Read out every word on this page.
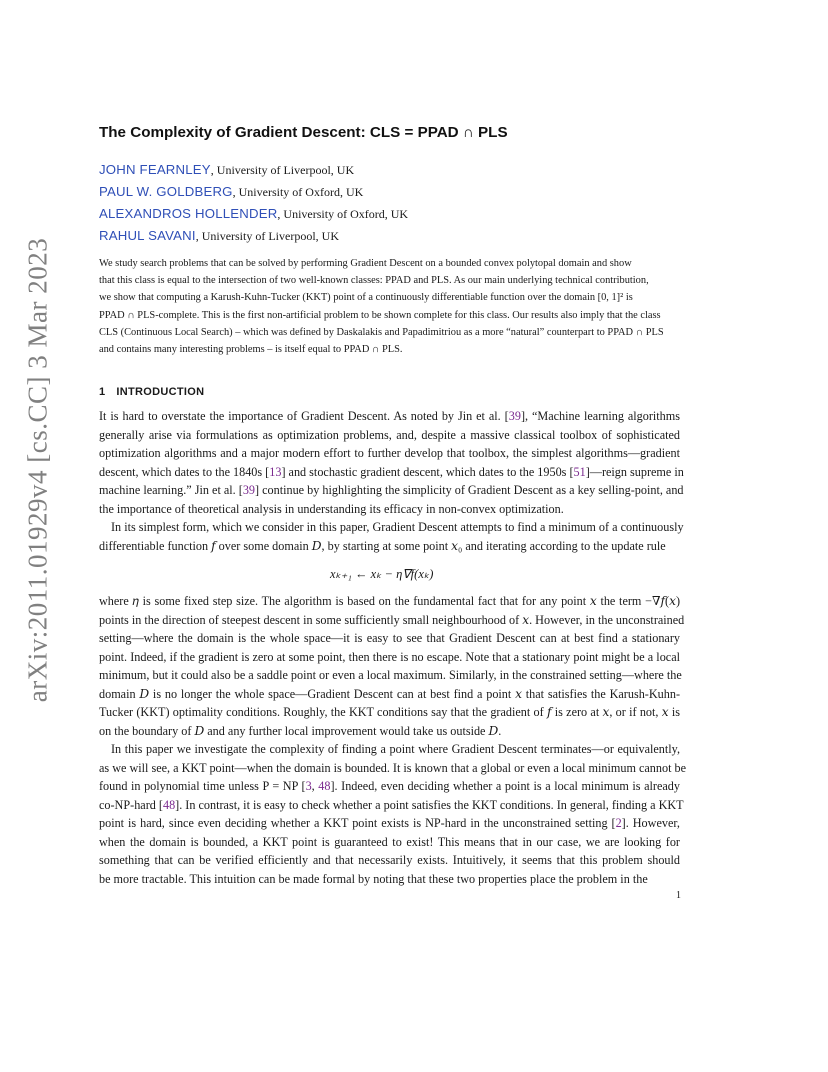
arXiv:2011.01929v4 [cs.CC] 3 Mar 2023
The Complexity of Gradient Descent: CLS = PPAD ∩ PLS
JOHN FEARNLEY, University of Liverpool, UK
PAUL W. GOLDBERG, University of Oxford, UK
ALEXANDROS HOLLENDER, University of Oxford, UK
RAHUL SAVANI, University of Liverpool, UK
We study search problems that can be solved by performing Gradient Descent on a bounded convex polytopal domain and show
that this class is equal to the intersection of two well-known classes: PPAD and PLS. As our main underlying technical contribution,
we show that computing a Karush-Kuhn-Tucker (KKT) point of a continuously differentiable function over the domain [0, 1]² is
PPAD ∩ PLS-complete. This is the first non-artificial problem to be shown complete for this class. Our results also imply that the class
CLS (Continuous Local Search) – which was defined by Daskalakis and Papadimitriou as a more “natural” counterpart to PPAD ∩ PLS
and contains many interesting problems – is itself equal to PPAD ∩ PLS.
1 INTRODUCTION
It is hard to overstate the importance of Gradient Descent. As noted by Jin et al. [39], “Machine learning algorithms
generally arise via formulations as optimization problems, and, despite a massive classical toolbox of sophisticated
optimization algorithms and a major modern effort to further develop that toolbox, the simplest algorithms—gradient
descent, which dates to the 1840s [13] and stochastic gradient descent, which dates to the 1950s [51]—reign supreme in
machine learning.” Jin et al. [39] continue by highlighting the simplicity of Gradient Descent as a key selling-point, and
the importance of theoretical analysis in understanding its efficacy in non-convex optimization.
In its simplest form, which we consider in this paper, Gradient Descent attempts to find a minimum of a continuously
differentiable function 𝑓 over some domain 𝐷, by starting at some point 𝑥₀ and iterating according to the update rule
xₖ₊₁ ← xₖ − η∇f(xₖ)
where 𝜂 is some fixed step size. The algorithm is based on the fundamental fact that for any point 𝑥 the term −∇𝑓(𝑥)
points in the direction of steepest descent in some sufficiently small neighbourhood of 𝑥. However, in the unconstrained
setting—where the domain is the whole space—it is easy to see that Gradient Descent can at best find a stationary
point. Indeed, if the gradient is zero at some point, then there is no escape. Note that a stationary point might be a local
minimum, but it could also be a saddle point or even a local maximum. Similarly, in the constrained setting—where the
domain 𝐷 is no longer the whole space—Gradient Descent can at best find a point 𝑥 that satisfies the Karush-Kuhn-
Tucker (KKT) optimality conditions. Roughly, the KKT conditions say that the gradient of 𝑓 is zero at 𝑥, or if not, 𝑥 is
on the boundary of 𝐷 and any further local improvement would take us outside 𝐷.
In this paper we investigate the complexity of finding a point where Gradient Descent terminates—or equivalently,
as we will see, a KKT point—when the domain is bounded. It is known that a global or even a local minimum cannot be
found in polynomial time unless P = NP [3, 48]. Indeed, even deciding whether a point is a local minimum is already
co-NP-hard [48]. In contrast, it is easy to check whether a point satisfies the KKT conditions. In general, finding a KKT
point is hard, since even deciding whether a KKT point exists is NP-hard in the unconstrained setting [2]. However,
when the domain is bounded, a KKT point is guaranteed to exist! This means that in our case, we are looking for
something that can be verified efficiently and that necessarily exists. Intuitively, it seems that this problem should
be more tractable. This intuition can be made formal by noting that these two properties place the problem in the
1
